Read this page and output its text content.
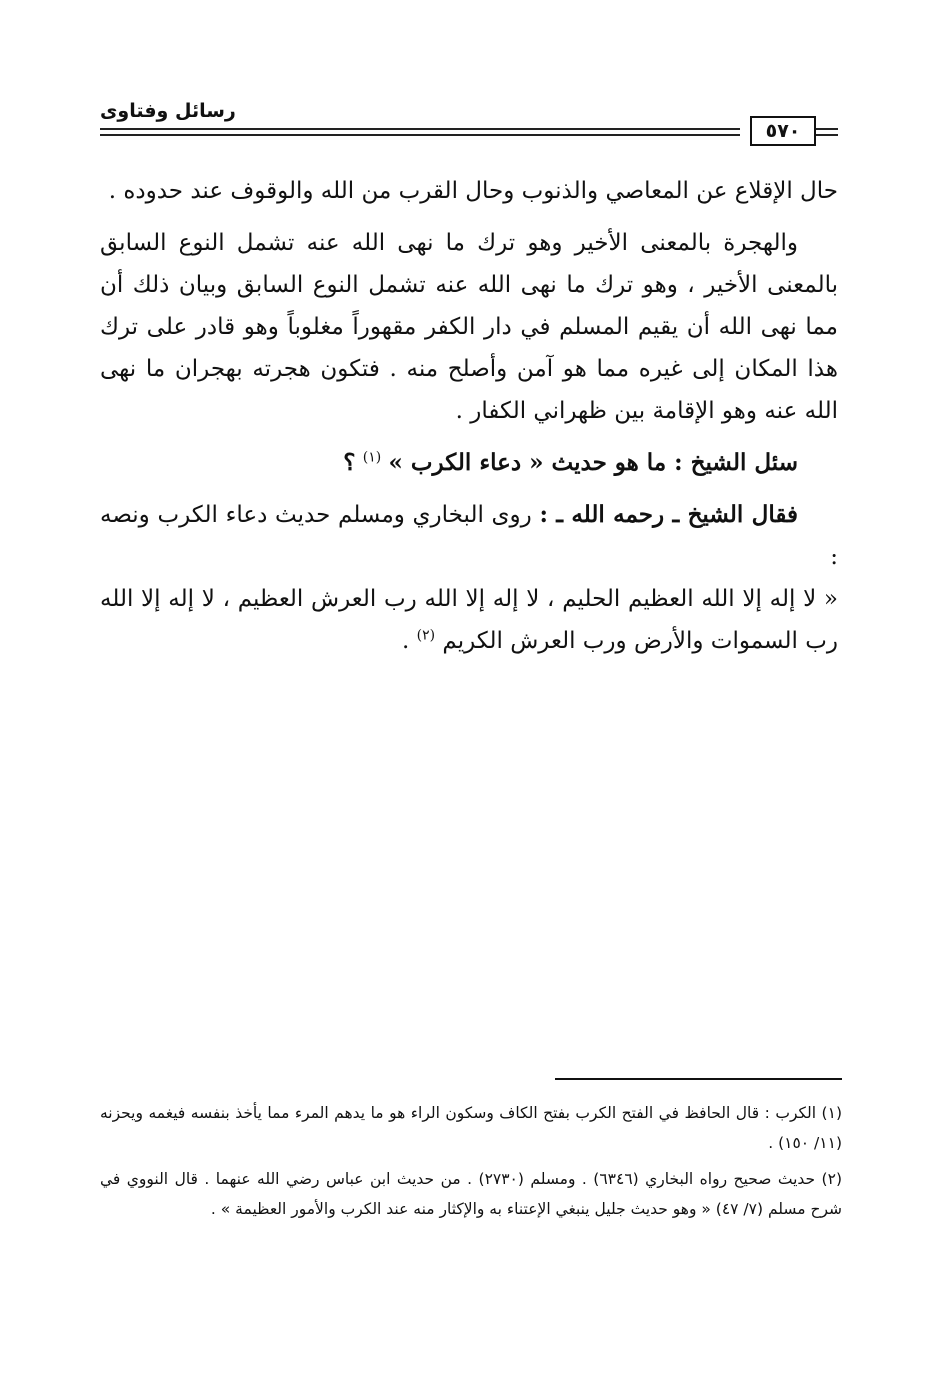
رسائل وفتاوى
٥٧٠

حال الإقلاع عن المعاصي والذنوب وحال القرب من الله والوقوف عند حدوده .

والهجرة بالمعنى الأخير وهو ترك ما نهى الله عنه تشمل النوع السابق بالمعنى الأخير ، وهو ترك ما نهى الله عنه تشمل النوع السابق وبيان ذلك أن مما نهى الله أن يقيم المسلم في دار الكفر مقهوراً مغلوباً وهو قادر على ترك هذا المكان إلى غيره مما هو آمن وأصلح منه . فتكون هجرته بهجران ما نهى الله عنه وهو الإقامة بين ظهراني الكفار .

سئل الشيخ : ما هو حديث « دعاء الكرب » $^{(١)}$ ؟

فقال الشيخ ـ رحمه الله ـ : روى البخاري ومسلم حديث دعاء الكرب ونصه :
« لا إله إلا الله العظيم الحليم ، لا إله إلا الله رب العرش العظيم ، لا إله إلا الله رب السموات والأرض ورب العرش الكريم $^{(٢)}$ .

(١) الكرب : قال الحافظ في الفتح الكرب بفتح الكاف وسكون الراء هو ما يدهم المرء مما يأخذ بنفسه فيغمه ويحزنه (١١/ ١٥٠) .

(٢) حديث صحيح رواه البخاري (٦٣٤٦) . ومسلم (٢٧٣٠) . من حديث ابن عباس رضي الله عنهما . قال النووي في شرح مسلم (٧/ ٤٧) « وهو حديث جليل ينبغي الإعتناء به والإكثار منه عند الكرب والأمور العظيمة » .
